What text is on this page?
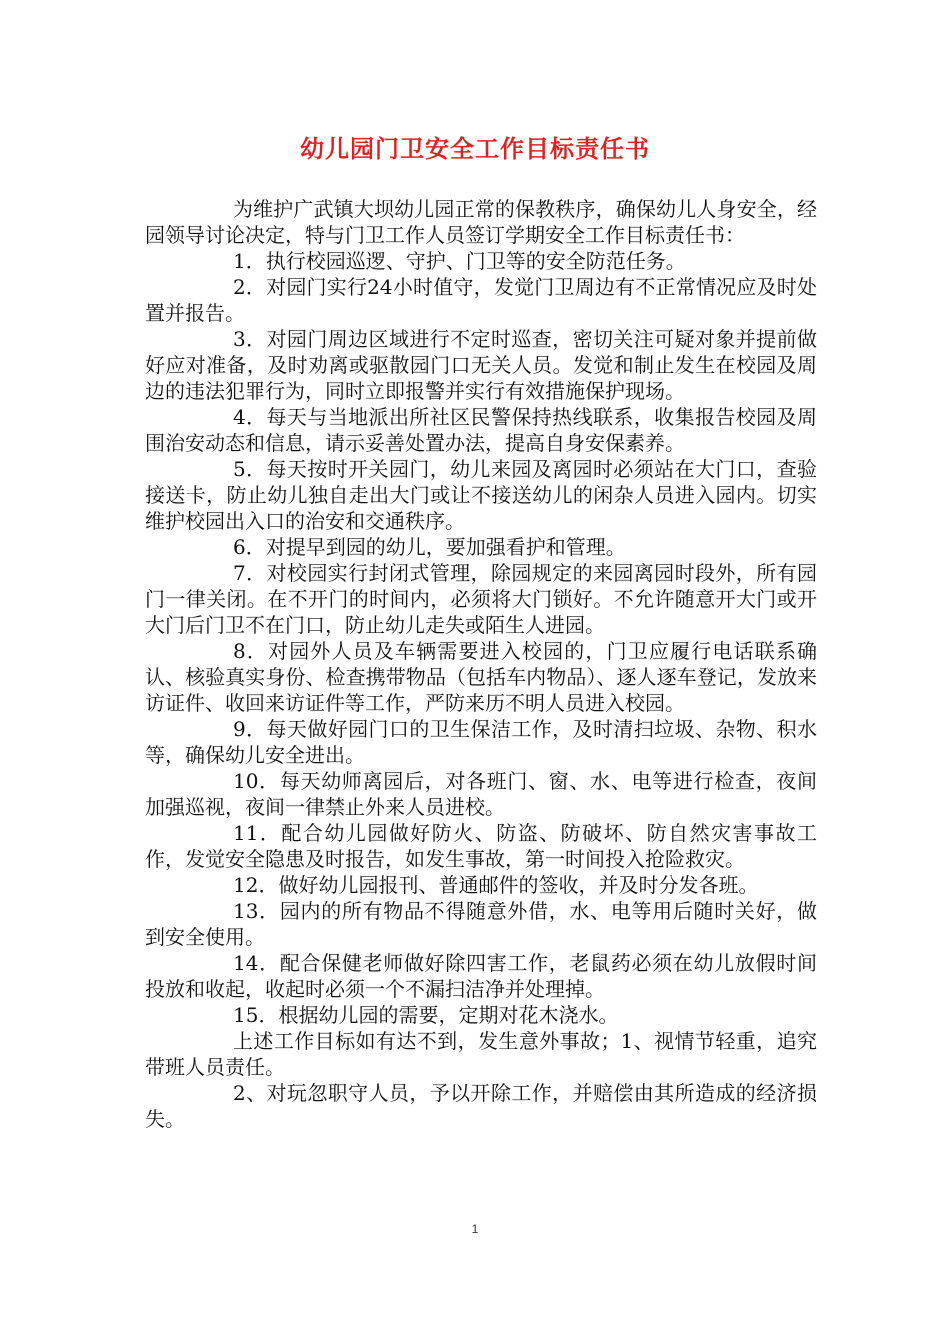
幼儿园门卫安全工作目标责任书

为维护广武镇大坝幼儿园正常的保教秩序，确保幼儿人身安全，经园领导讨论决定，特与门卫工作人员签订学期安全工作目标责任书：

1．执行校园巡逻、守护、门卫等的安全防范任务。

2．对园门实行24小时值守，发觉门卫周边有不正常情况应及时处置并报告。

3．对园门周边区域进行不定时巡查，密切关注可疑对象并提前做好应对准备，及时劝离或驱散园门口无关人员。发觉和制止发生在校园及周边的违法犯罪行为，同时立即报警并实行有效措施保护现场。

4．每天与当地派出所社区民警保持热线联系，收集报告校园及周围治安动态和信息，请示妥善处置办法，提高自身安保素养。

5．每天按时开关园门，幼儿来园及离园时必须站在大门口，查验接送卡，防止幼儿独自走出大门或让不接送幼儿的闲杂人员进入园内。切实维护校园出入口的治安和交通秩序。

6．对提早到园的幼儿，要加强看护和管理。

7．对校园实行封闭式管理，除园规定的来园离园时段外，所有园门一律关闭。在不开门的时间内，必须将大门锁好。不允许随意开大门或开大门后门卫不在门口，防止幼儿走失或陌生人进园。

8．对园外人员及车辆需要进入校园的，门卫应履行电话联系确认、核验真实身份、检查携带物品（包括车内物品）、逐人逐车登记，发放来访证件、收回来访证件等工作，严防来历不明人员进入校园。

9．每天做好园门口的卫生保洁工作，及时清扫垃圾、杂物、积水等，确保幼儿安全进出。

10．每天幼师离园后，对各班门、窗、水、电等进行检查，夜间加强巡视，夜间一律禁止外来人员进校。

11．配合幼儿园做好防火、防盗、防破坏、防自然灾害事故工作，发觉安全隐患及时报告，如发生事故，第一时间投入抢险救灾。

12．做好幼儿园报刊、普通邮件的签收，并及时分发各班。

13．园内的所有物品不得随意外借，水、电等用后随时关好，做到安全使用。

14．配合保健老师做好除四害工作，老鼠药必须在幼儿放假时间投放和收起，收起时必须一个不漏扫洁净并处理掉。

15．根据幼儿园的需要，定期对花木浇水。

上述工作目标如有达不到，发生意外事故；1、视情节轻重，追究带班人员责任。

2、对玩忽职守人员，予以开除工作，并赔偿由其所造成的经济损失。

1
